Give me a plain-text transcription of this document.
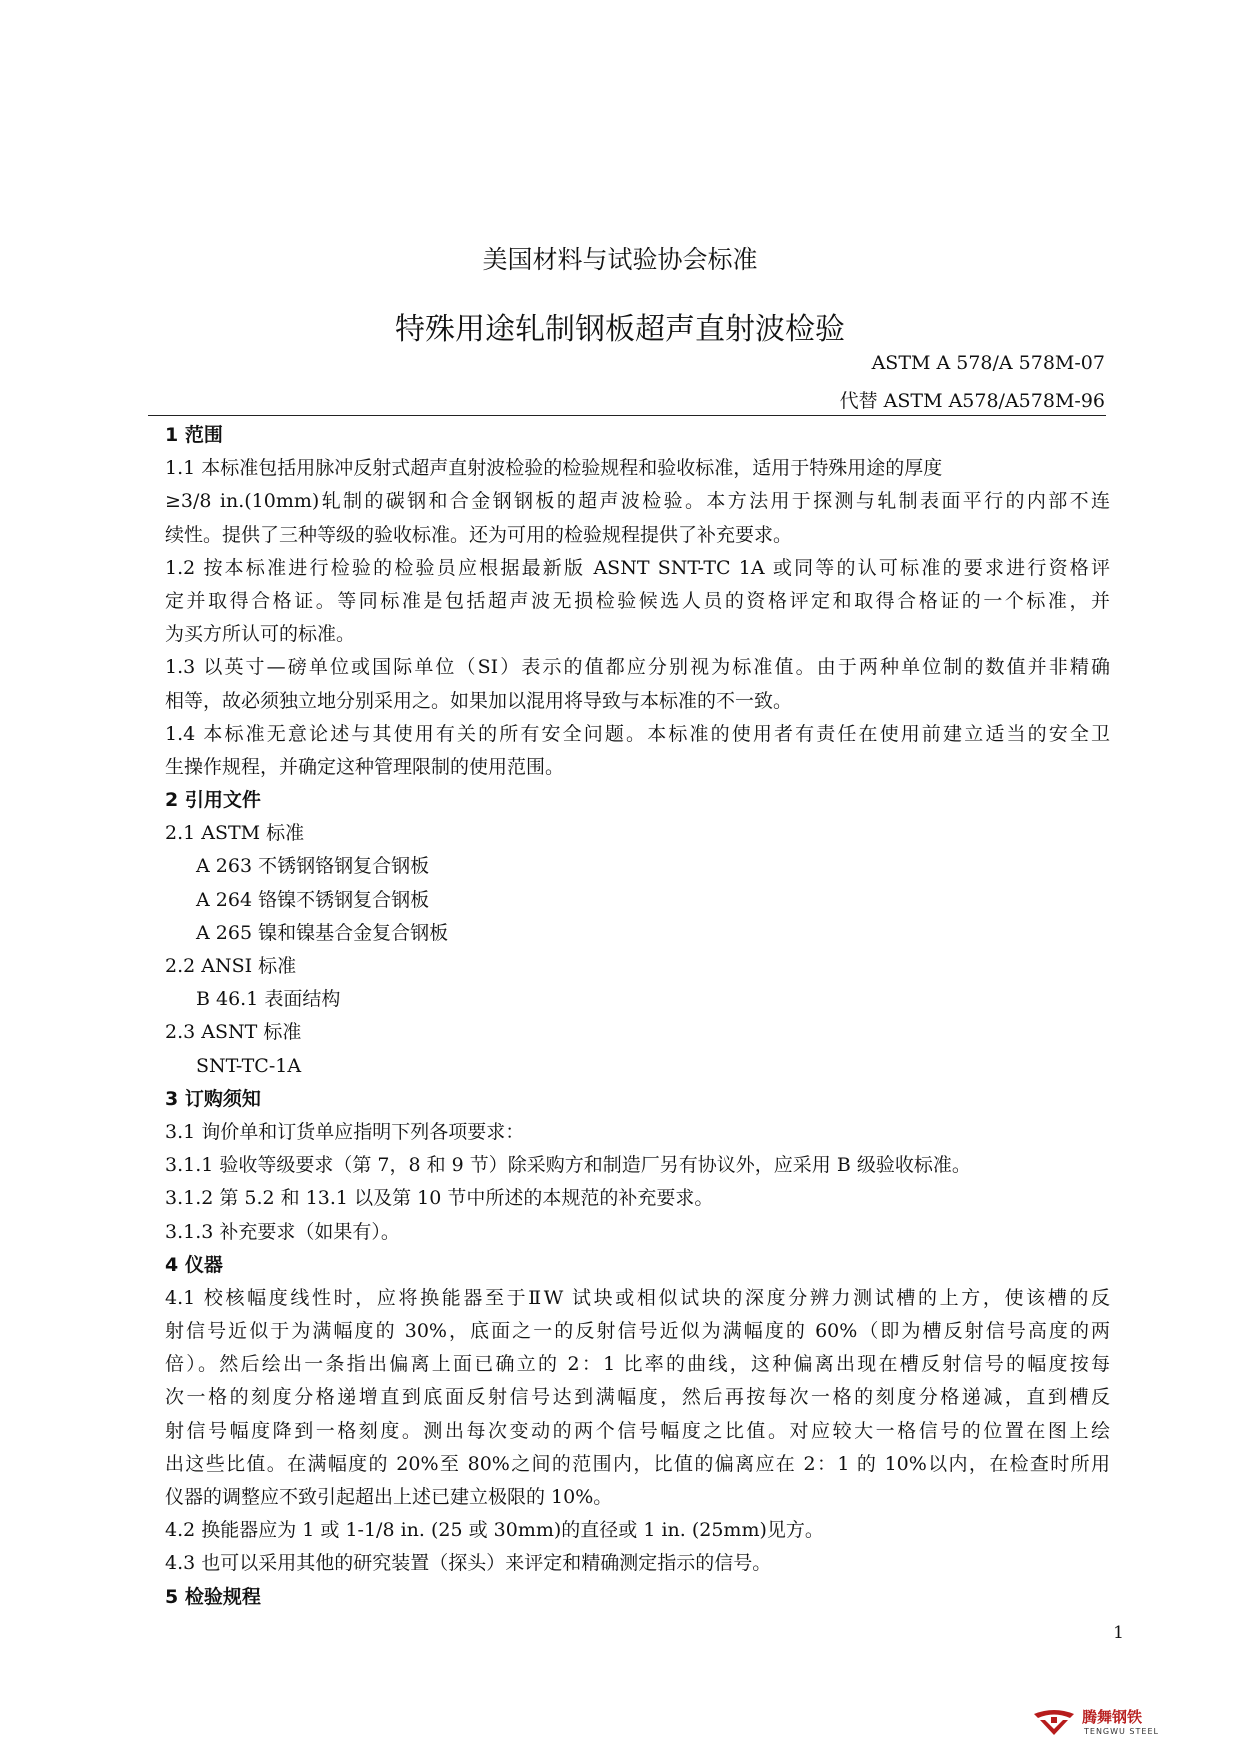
美国材料与试验协会标准
特殊用途轧制钢板超声直射波检验
ASTM A 578/A 578M-07
代替 ASTM A578/A578M-96
1 范围
1.1 本标准包括用脉冲反射式超声直射波检验的检验规程和验收标准，适用于特殊用途的厚度
≥3/8 in.(10mm)轧制的碳钢和合金钢钢板的超声波检验。本方法用于探测与轧制表面平行的内部不连
续性。提供了三种等级的验收标准。还为可用的检验规程提供了补充要求。
1.2 按本标准进行检验的检验员应根据最新版 ASNT SNT-TC 1A 或同等的认可标准的要求进行资格评
定并取得合格证。等同标准是包括超声波无损检验候选人员的资格评定和取得合格证的一个标准，并
为买方所认可的标准。
1.3 以英寸—磅单位或国际单位（SI）表示的值都应分别视为标准值。由于两种单位制的数值并非精确
相等，故必须独立地分别采用之。如果加以混用将导致与本标准的不一致。
1.4 本标准无意论述与其使用有关的所有安全问题。本标准的使用者有责任在使用前建立适当的安全卫
生操作规程，并确定这种管理限制的使用范围。
2 引用文件
2.1 ASTM 标准
A 263 不锈钢铬钢复合钢板
A 264 铬镍不锈钢复合钢板
A 265 镍和镍基合金复合钢板
2.2 ANSI 标准
B 46.1 表面结构
2.3 ASNT 标准
SNT-TC-1A
3 订购须知
3.1 询价单和订货单应指明下列各项要求：
3.1.1 验收等级要求（第 7，8 和 9 节）除采购方和制造厂另有协议外，应采用 B 级验收标准。
3.1.2 第 5.2 和 13.1 以及第 10 节中所述的本规范的补充要求。
3.1.3 补充要求（如果有）。
4 仪器
4.1 校核幅度线性时，应将换能器至于ⅡW 试块或相似试块的深度分辨力测试槽的上方，使该槽的反
射信号近似于为满幅度的 30%，底面之一的反射信号近似为满幅度的 60%（即为槽反射信号高度的两
倍）。然后绘出一条指出偏离上面已确立的 2：1 比率的曲线，这种偏离出现在槽反射信号的幅度按每
次一格的刻度分格递增直到底面反射信号达到满幅度，然后再按每次一格的刻度分格递减，直到槽反
射信号幅度降到一格刻度。测出每次变动的两个信号幅度之比值。对应较大一格信号的位置在图上绘
出这些比值。在满幅度的 20%至 80%之间的范围内，比值的偏离应在 2：1 的 10%以内，在检查时所用
仪器的调整应不致引起超出上述已建立极限的 10%。
4.2 换能器应为 1 或 1-1/8 in. (25 或 30mm)的直径或 1 in. (25mm)见方。
4.3 也可以采用其他的研究装置（探头）来评定和精确测定指示的信号。
5 检验规程
1
腾舞钢铁
TENGWU STEEL
